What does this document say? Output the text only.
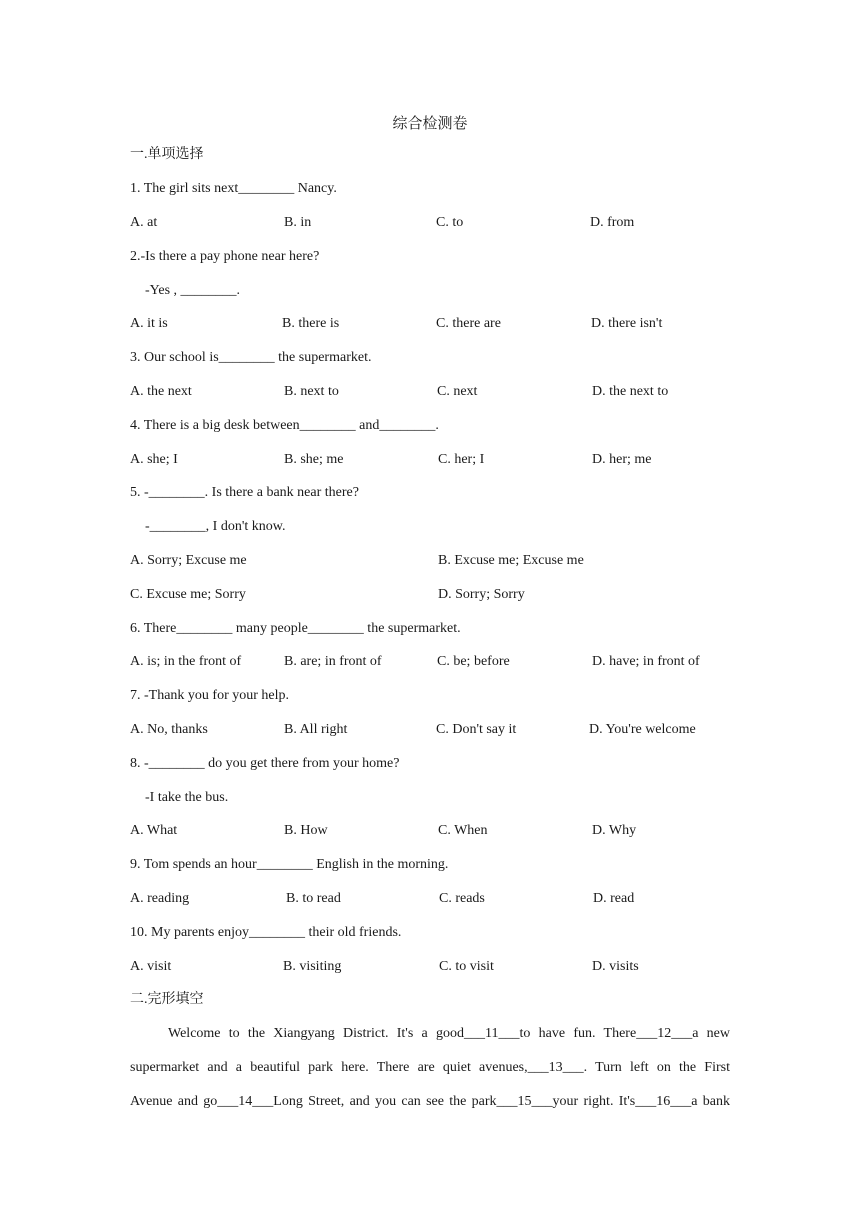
综合检测卷
一.单项选择
1. The girl sits next________ Nancy.
A. at	B. in	C. to	D. from
2.-Is there a pay phone near here?
-Yes , ________.
A. it is	B. there is	C. there are	D. there isn't
3. Our school is________ the supermarket.
A. the next	B. next to	C. next	D. the next to
4. There is a big desk between________ and________.
A. she; I	B. she; me	C. her; I	D. her; me
5. -________. Is there a bank near there?
-________, I don't know.
A. Sorry; Excuse me	B. Excuse me; Excuse me
C. Excuse me; Sorry	D. Sorry; Sorry
6. There________ many people________ the supermarket.
A. is; in the front of	B. are; in front of	C. be; before	D. have; in front of
7. -Thank you for your help.
A. No, thanks	B. All right	C. Don't say it	D. You're welcome
8. -________ do you get there from your home?
-I take the bus.
A. What	B. How	C. When	D. Why
9. Tom spends an hour________ English in the morning.
A. reading	B. to read	C. reads	D. read
10. My parents enjoy________ their old friends.
A. visit	B. visiting	C. to visit	D. visits
二.完形填空
Welcome to the Xiangyang District. It's a good___11___to have fun. There___12___a new
supermarket and a beautiful park here. There are quiet avenues,___13___. Turn left on the First
Avenue and go___14___Long Street, and you can see the park___15___your right. It's___16___a bank
